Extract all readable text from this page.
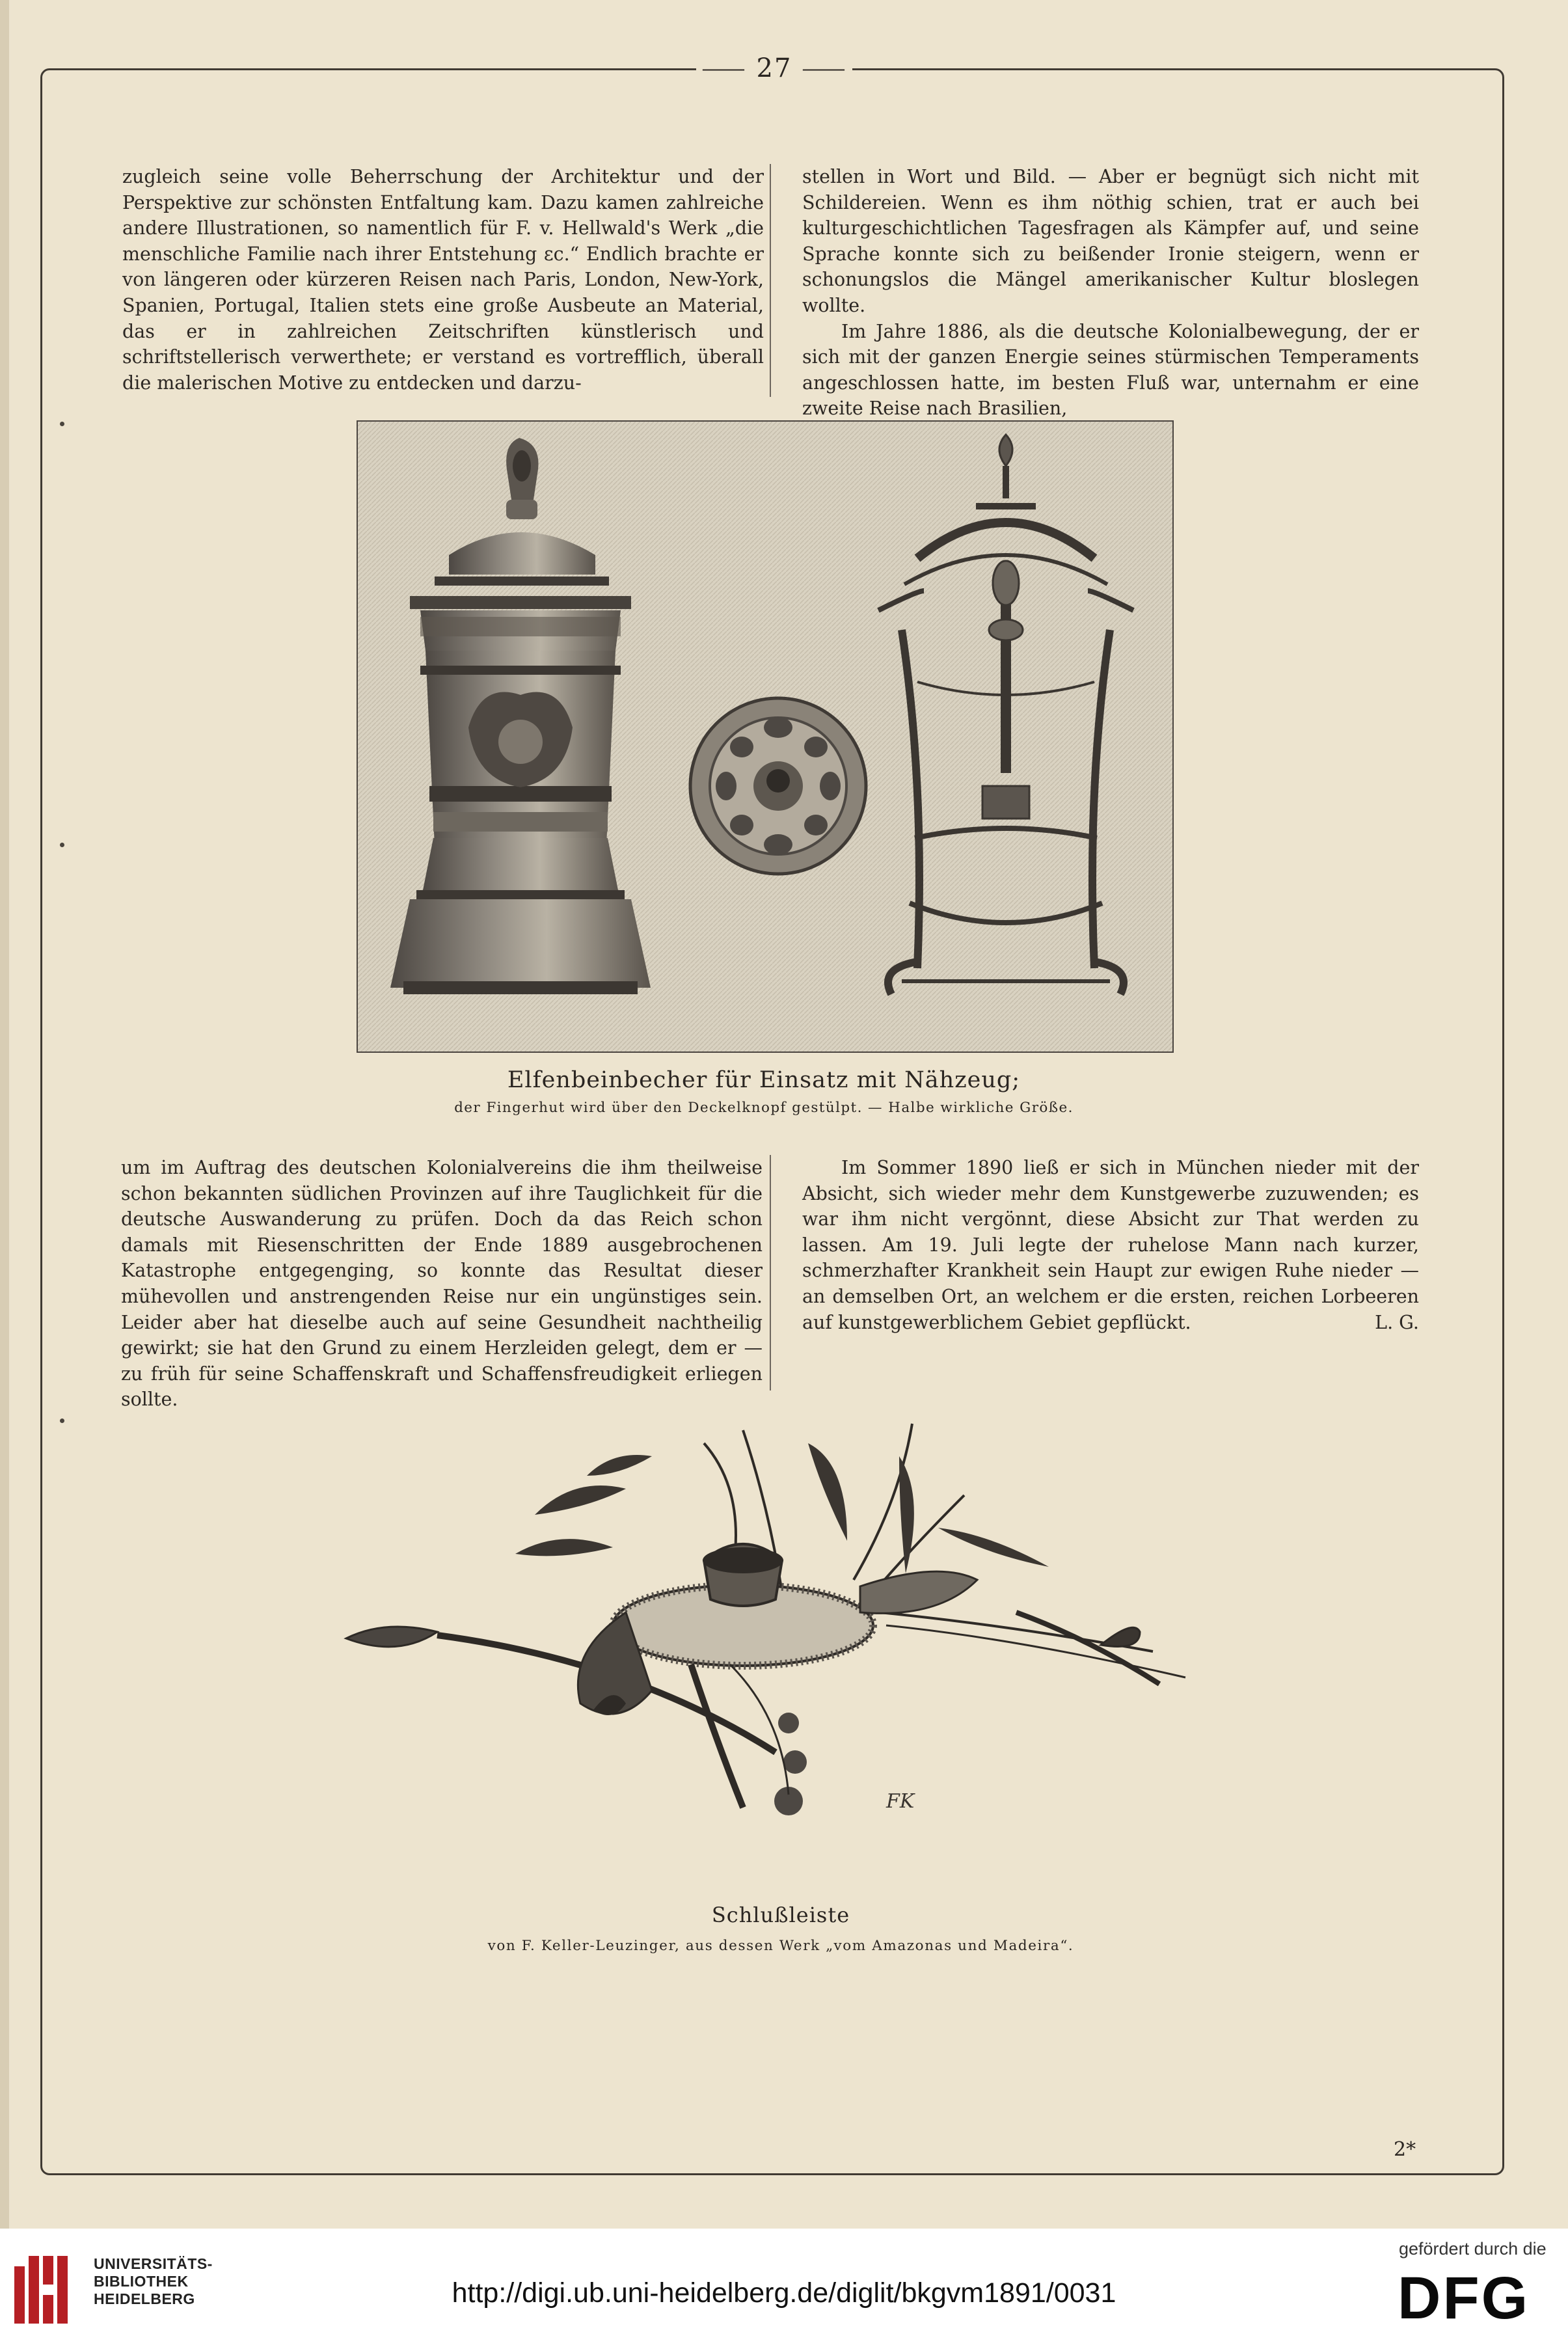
⸺ 27 ⸺

zugleich seine volle Beherrschung der Architektur und der Perspektive zur schönsten Entfaltung kam. Dazu kamen zahlreiche andere Illustrationen, so namentlich für F. v. Hellwald's Werk „die menschliche Familie nach ihrer Entstehung ɛc.“ Endlich brachte er von längeren oder kürzeren Reisen nach Paris, London, New-York, Spanien, Portugal, Italien stets eine große Ausbeute an Material, das er in zahlreichen Zeitschriften künstlerisch und schriftstellerisch verwerthete; er verstand es vortrefflich, überall die malerischen Motive zu entdecken und darzu-

stellen in Wort und Bild. — Aber er begnügt sich nicht mit Schildereien. Wenn es ihm nöthig schien, trat er auch bei kulturgeschichtlichen Tagesfragen als Kämpfer auf, und seine Sprache konnte sich zu beißender Ironie steigern, wenn er schonungslos die Mängel amerikanischer Kultur bloslegen wollte.

Im Jahre 1886, als die deutsche Kolonialbewegung, der er sich mit der ganzen Energie seines stürmischen Temperaments angeschlossen hatte, im besten Fluß war, unternahm er eine zweite Reise nach Brasilien,

Elfenbeinbecher für Einsatz mit Nähzeug;
der Fingerhut wird über den Deckelknopf gestülpt. — Halbe wirkliche Größe.

um im Auftrag des deutschen Kolonialvereins die ihm theilweise schon bekannten südlichen Provinzen auf ihre Tauglichkeit für die deutsche Auswanderung zu prüfen. Doch da das Reich schon damals mit Riesenschritten der Ende 1889 ausgebrochenen Katastrophe entgegenging, so konnte das Resultat dieser mühevollen und anstrengenden Reise nur ein ungünstiges sein. Leider aber hat dieselbe auch auf seine Gesundheit nachtheilig gewirkt; sie hat den Grund zu einem Herzleiden gelegt, dem er — zu früh für seine Schaffenskraft und Schaffensfreudigkeit erliegen sollte.

Im Sommer 1890 ließ er sich in München nieder mit der Absicht, sich wieder mehr dem Kunstgewerbe zuzuwenden; es war ihm nicht vergönnt, diese Absicht zur That werden zu lassen. Am 19. Juli legte der ruhelose Mann nach kurzer, schmerzhafter Krankheit sein Haupt zur ewigen Ruhe nieder — an demselben Ort, an welchem er die ersten, reichen Lorbeeren auf kunstgewerblichem Gebiet gepflückt.	L. G.

FK
Schlußleiste
von F. Keller-Leuzinger, aus dessen Werk „vom Amazonas und Madeira“.
2*
UNIVERSITÄTS-
BIBLIOTHEK
HEIDELBERG	http://digi.ub.uni-heidelberg.de/diglit/bkgvm1891/0031
gefördert durch die
DFG
